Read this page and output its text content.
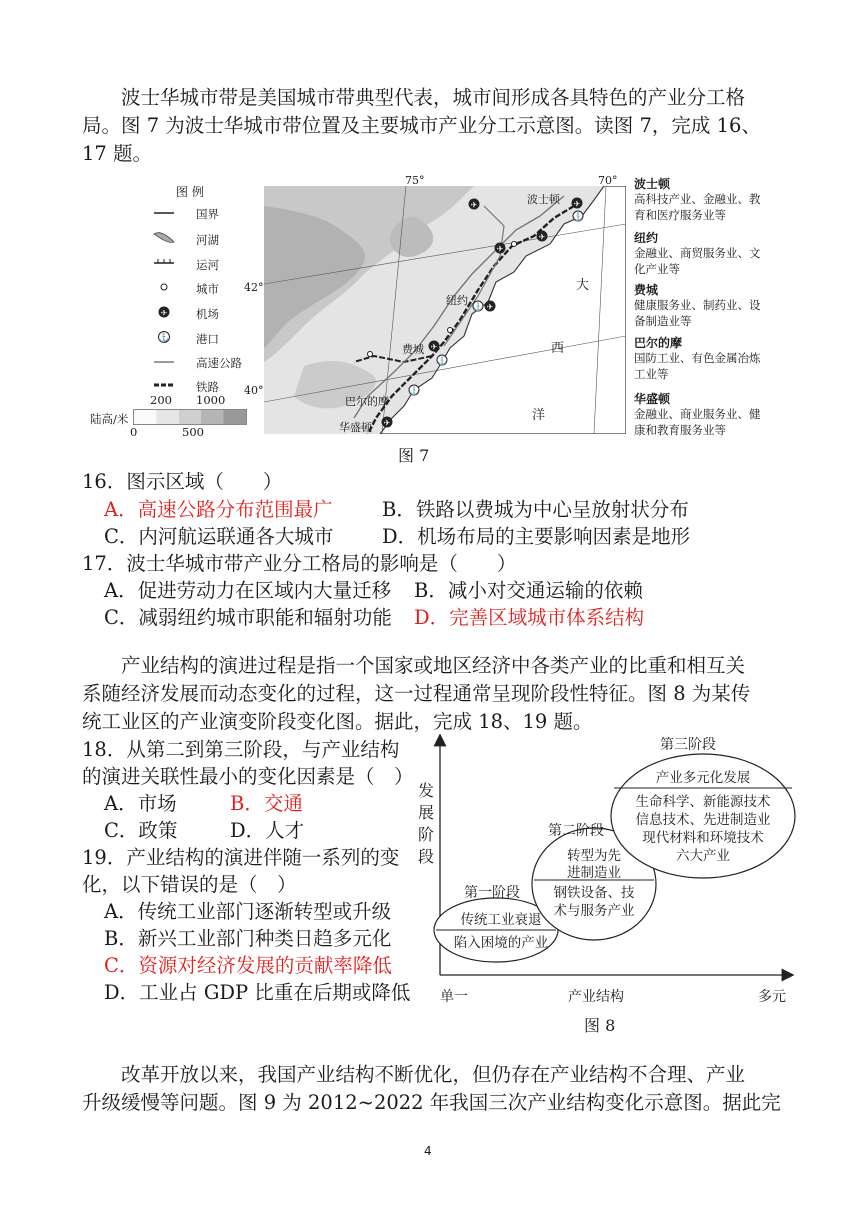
波士华城市带是美国城市带典型代表，城市间形成各具特色的产业分工格
局。图 7 为波士华城市带位置及主要城市产业分工示意图。读图 7，完成 16、
17 题。
图 例
✈
⚓
国界
河湖
运河
城市
机场
港口
高速公路
铁路
200 1000
陆高/米
0	500
✈	✈
⚓
✈
✈
✈
⚓
✈
⚓
⚓
✈
75°	70°
42°
40°
波士顿
纽约
费城
巴尔的摩
华盛顿
大
西
洋
波士顿
高科技产业、金融业、教育和医疗服务业等
纽约
金融业、商贸服务业、文化产业等
费城
健康服务业、制药业、设备制造业等
巴尔的摩
国防工业、有色金属冶炼工业等
华盛顿
金融业、商业服务业、健康和教育服务业等
图 7
16．图示区域（　　）
A．高速公路分布范围最广	B．铁路以费城为中心呈放射状分布
C．内河航运联通各大城市 D．机场布局的主要影响因素是地形
17．波士华城市带产业分工格局的影响是（　　）
A．促进劳动力在区域内大量迁移 B．减小对交通运输的依赖
C．减弱纽约城市职能和辐射功能 D．完善区域城市体系结构
产业结构的演进过程是指一个国家或地区经济中各类产业的比重和相互关
系随经济发展而动态变化的过程，这一过程通常呈现阶段性特征。图 8 为某传
统工业区的产业演变阶段变化图。据此，完成 18、19 题。
18．从第二到第三阶段，与产业结构
的演进关联性最小的变化因素是（　）
A．市场	B．交通
C．政策	D．人才
19．产业结构的演进伴随一系列的变
化，以下错误的是（　）
A．传统工业部门逐渐转型或升级
B．新兴工业部门种类日趋多元化
C．资源对经济发展的贡献率降低
D．工业占 GDP 比重在后期或降低
第三阶段
产业多元化发展
生命科学、新能源技术
信息技术、先进制造业
现代材料和环境技术
六大产业
第二阶段
转型为先
进制造业
钢铁设备、技
术与服务产业
第一阶段
传统工业衰退
陷入困境的产业
发
展
阶
段
单一	产业结构	多元
图 8
改革开放以来，我国产业结构不断优化，但仍存在产业结构不合理、产业
升级缓慢等问题。图 9 为 2012~2022 年我国三次产业结构变化示意图。据此完
4
